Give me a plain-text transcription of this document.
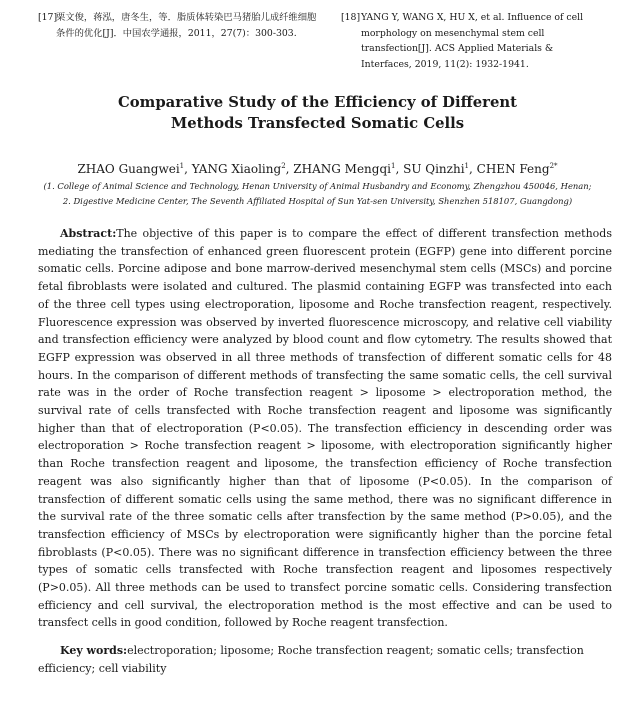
[17]
栗文俊，蒋泓，唐冬生，等．脂质体转染巴马猪胎儿成纤维细胞条件的优化[J]．中国农学通报，2011，27(7)：300-303.
[18] YANG Y, WANG X, HU X, et al. Influence of cell morphology on mesenchymal stem cell transfection[J]. ACS Applied Materials & Interfaces, 2019, 11(2): 1932-1941.
Comparative Study of the Efficiency of Different
Methods Transfected Somatic Cells
ZHAO Guangwei$^1$, YANG Xiaoling$^2$, ZHANG Mengqi$^1$, SU Qinzhi$^1$, CHEN Feng$^{2*}$
(1. College of Animal Science and Technology, Henan University of Animal Husbandry and Economy, Zhengzhou 450046, Henan;
2. Digestive Medicine Center, The Seventh Affiliated Hospital of Sun Yat-sen University, Shenzhen 518107, Guangdong)

Abstract:The objective of this paper is to compare the effect of different transfection methods mediating the transfection of enhanced green fluorescent protein (EGFP) gene into different porcine somatic cells. Porcine adipose and bone marrow-derived mesenchymal stem cells (MSCs) and porcine fetal fibroblasts were isolated and cultured. The plasmid containing EGFP was transfected into each of the three cell types using electroporation, liposome and Roche transfection reagent, respectively. Fluorescence expression was observed by inverted fluorescence microscopy, and relative cell viability and transfection efficiency were analyzed by blood count and flow cytometry. The results showed that EGFP expression was observed in all three methods of transfection of different somatic cells for 48 hours. In the comparison of different methods of transfecting the same somatic cells, the cell survival rate was in the order of Roche transfection reagent > liposome > electroporation method, the survival rate of cells transfected with Roche transfection reagent and liposome was significantly higher than that of electroporation (P<0.05). The transfection efficiency in descending order was electroporation > Roche transfection reagent > liposome, with electroporation significantly higher than Roche transfection reagent and liposome, the transfection efficiency of Roche transfection reagent was also significantly higher than that of liposome (P<0.05). In the comparison of transfection of different somatic cells using the same method, there was no significant difference in the survival rate of the three somatic cells after transfection by the same method (P>0.05), and the transfection efficiency of MSCs by electroporation were significantly higher than the porcine fetal fibroblasts (P<0.05). There was no significant difference in transfection efficiency between the three types of somatic cells transfected with Roche transfection reagent and liposomes respectively (P>0.05). All three methods can be used to transfect porcine somatic cells. Considering transfection efficiency and cell survival, the electroporation method is the most effective and can be used to transfect cells in good condition, followed by Roche reagent transfection.

Key words:electroporation; liposome; Roche transfection reagent; somatic cells; transfection efficiency; cell viability
